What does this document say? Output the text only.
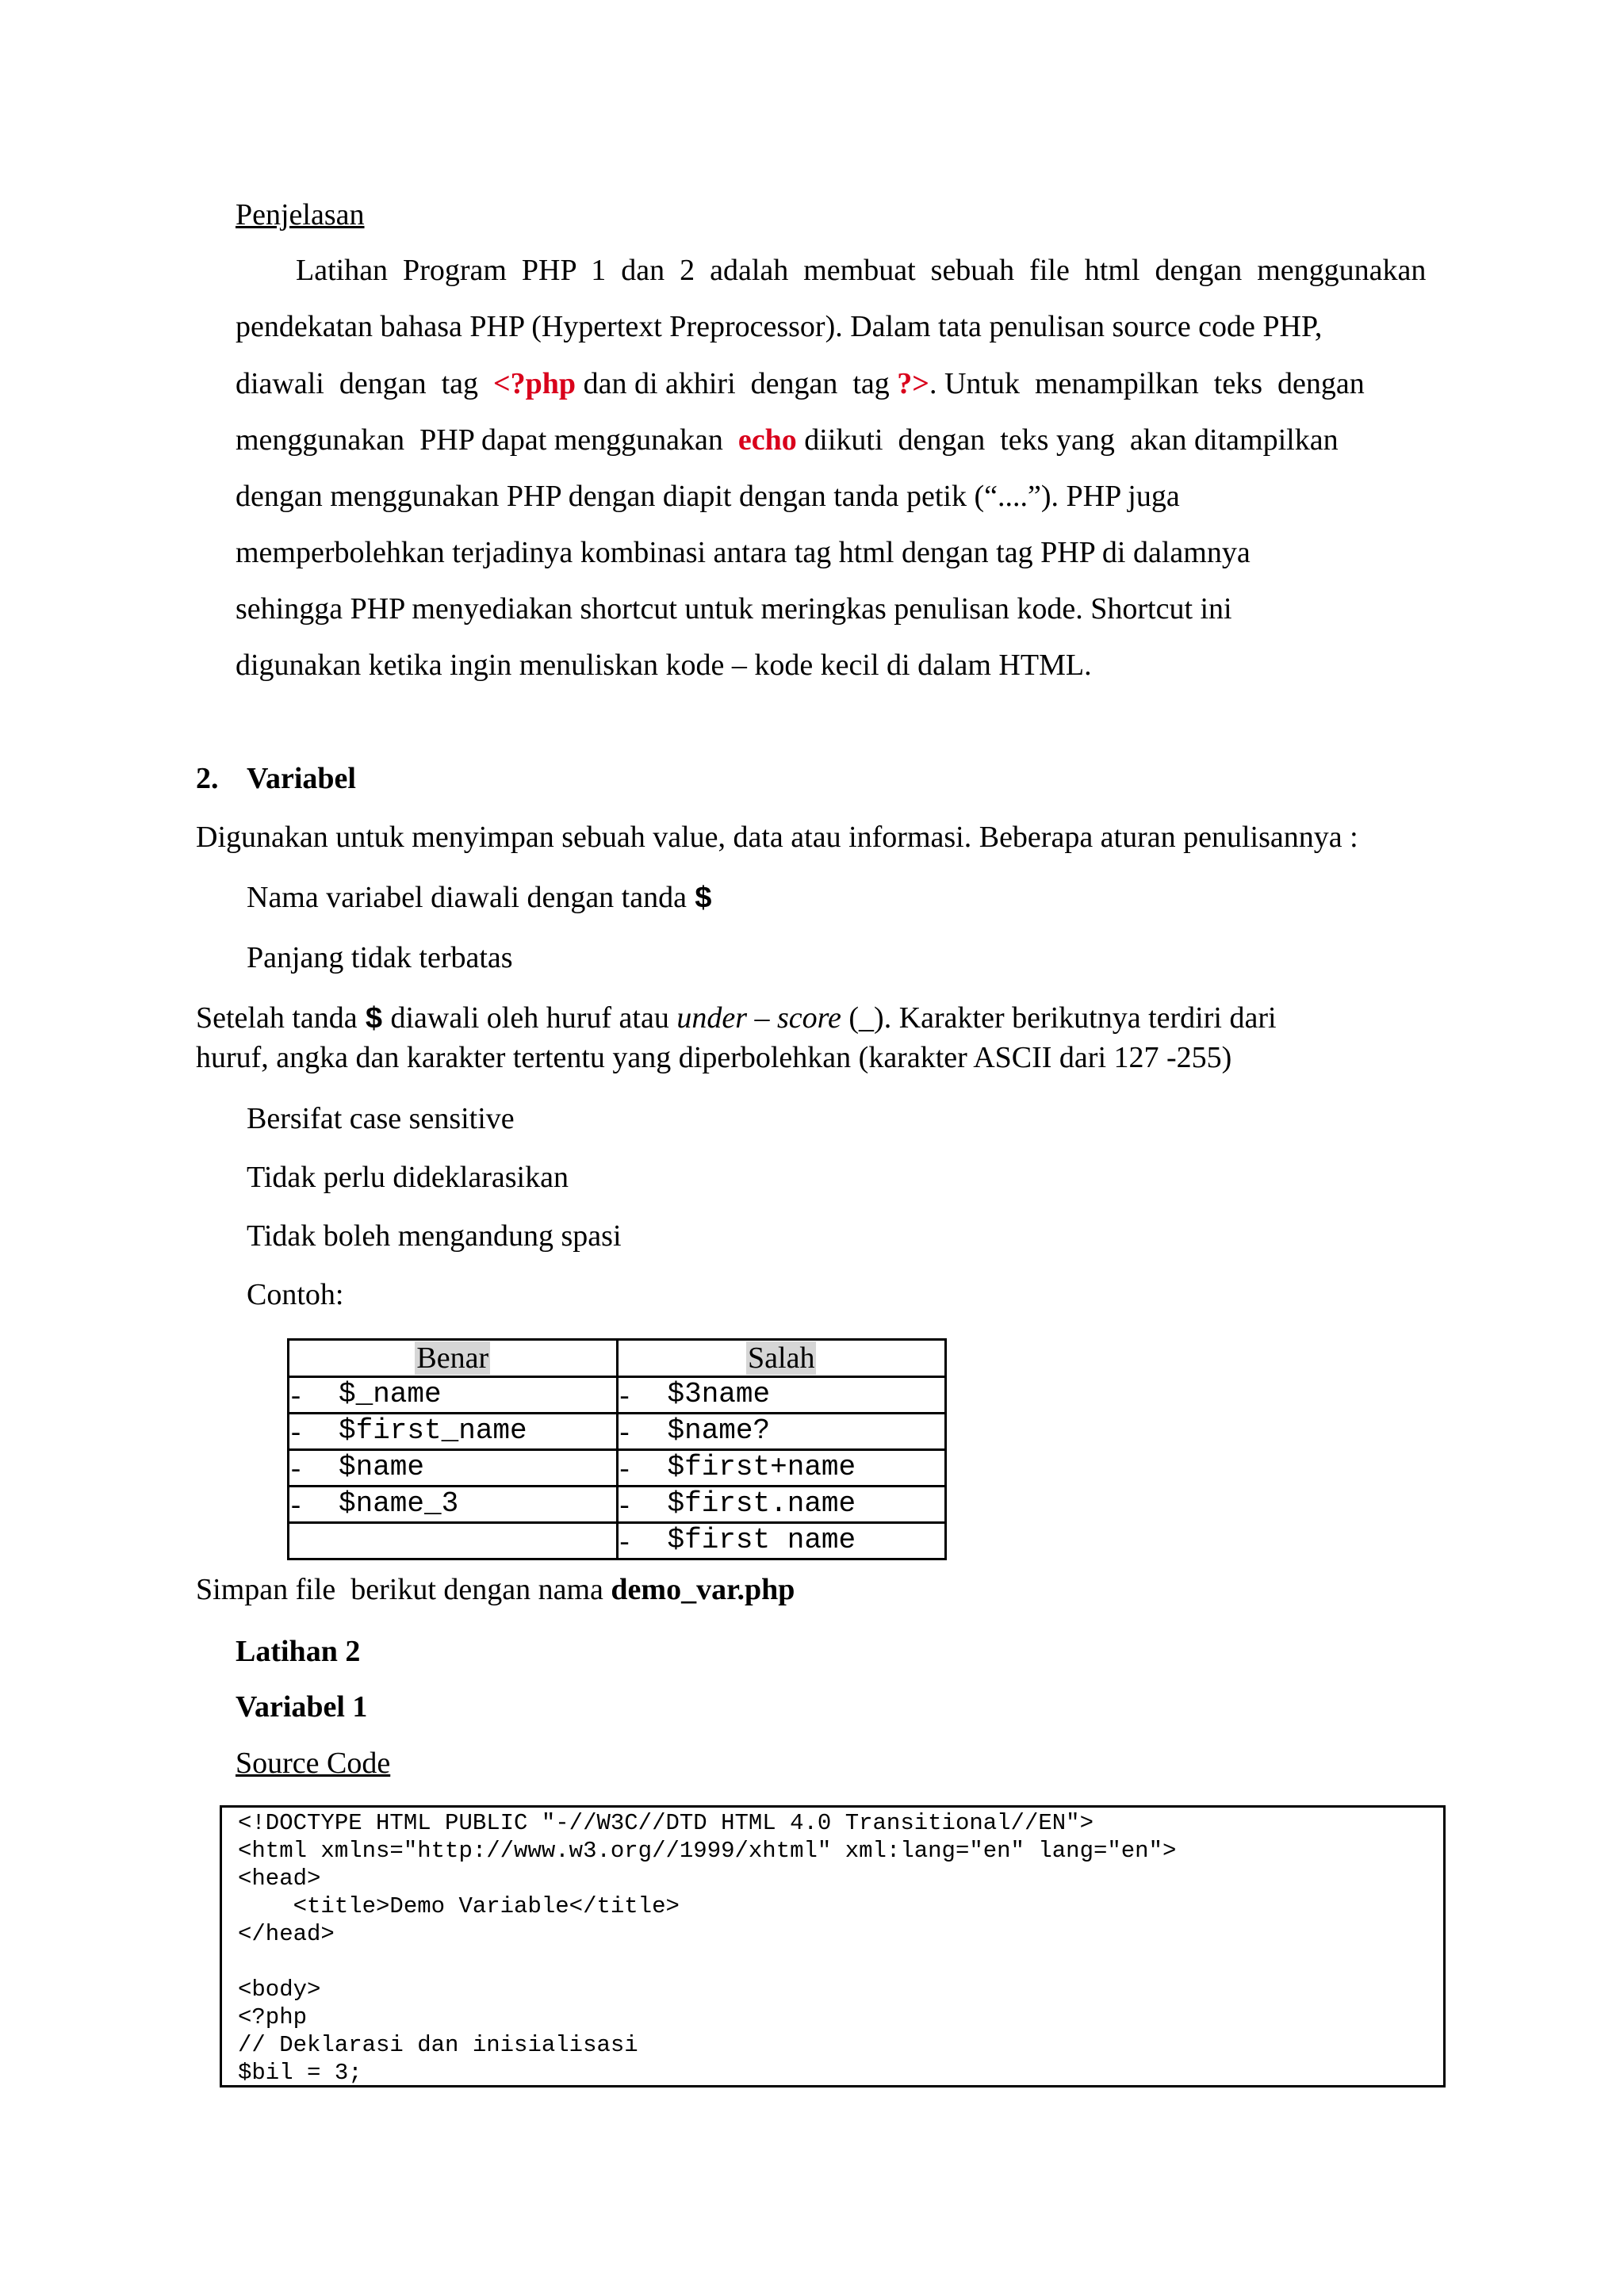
Penjelasan
Latihan  Program  PHP  1  dan  2  adalah  membuat  sebuah  file  html  dengan  menggunakan
pendekatan bahasa PHP (Hypertext Preprocessor). Dalam tata penulisan source code PHP,
diawali  dengan  tag  <?php dan di akhiri  dengan  tag ?>. Untuk  menampilkan  teks  dengan
menggunakan  PHP dapat menggunakan  echo diikuti  dengan  teks yang  akan ditampilkan
dengan menggunakan PHP dengan diapit dengan tanda petik (“....”). PHP juga
memperbolehkan terjadinya kombinasi antara tag html dengan tag PHP di dalamnya
sehingga PHP menyediakan shortcut untuk meringkas penulisan kode. Shortcut ini
digunakan ketika ingin menuliskan kode – kode kecil di dalam HTML.
2. Variabel
Digunakan untuk menyimpan sebuah value, data atau informasi. Beberapa aturan penulisannya :
Nama variabel diawali dengan tanda $
Panjang tidak terbatas
Setelah tanda $ diawali oleh huruf atau under – score (_). Karakter berikutnya terdiri dari
huruf, angka dan karakter tertentu yang diperbolehkan (karakter ASCII dari 127 -255)
Bersifat case sensitive
Tidak perlu dideklarasikan
Tidak boleh mengandung spasi
Contoh:
Benar	Salah

- $_name	- $3name

- $first_name	- $name?

- $name	- $first+name

- $name_3	- $first.name

	- $first name
Simpan file  berikut dengan nama demo_var.php
Latihan 2
Variabel 1
Source Code
<!DOCTYPE HTML PUBLIC "-//W3C//DTD HTML 4.0 Transitional//EN">
<html xmlns="http://www.w3.org//1999/xhtml" xml:lang="en" lang="en">
<head>
<title>Demo Variable</title>
</head>

<body>
<?php
// Deklarasi dan inisialisasi
$bil = 3;
